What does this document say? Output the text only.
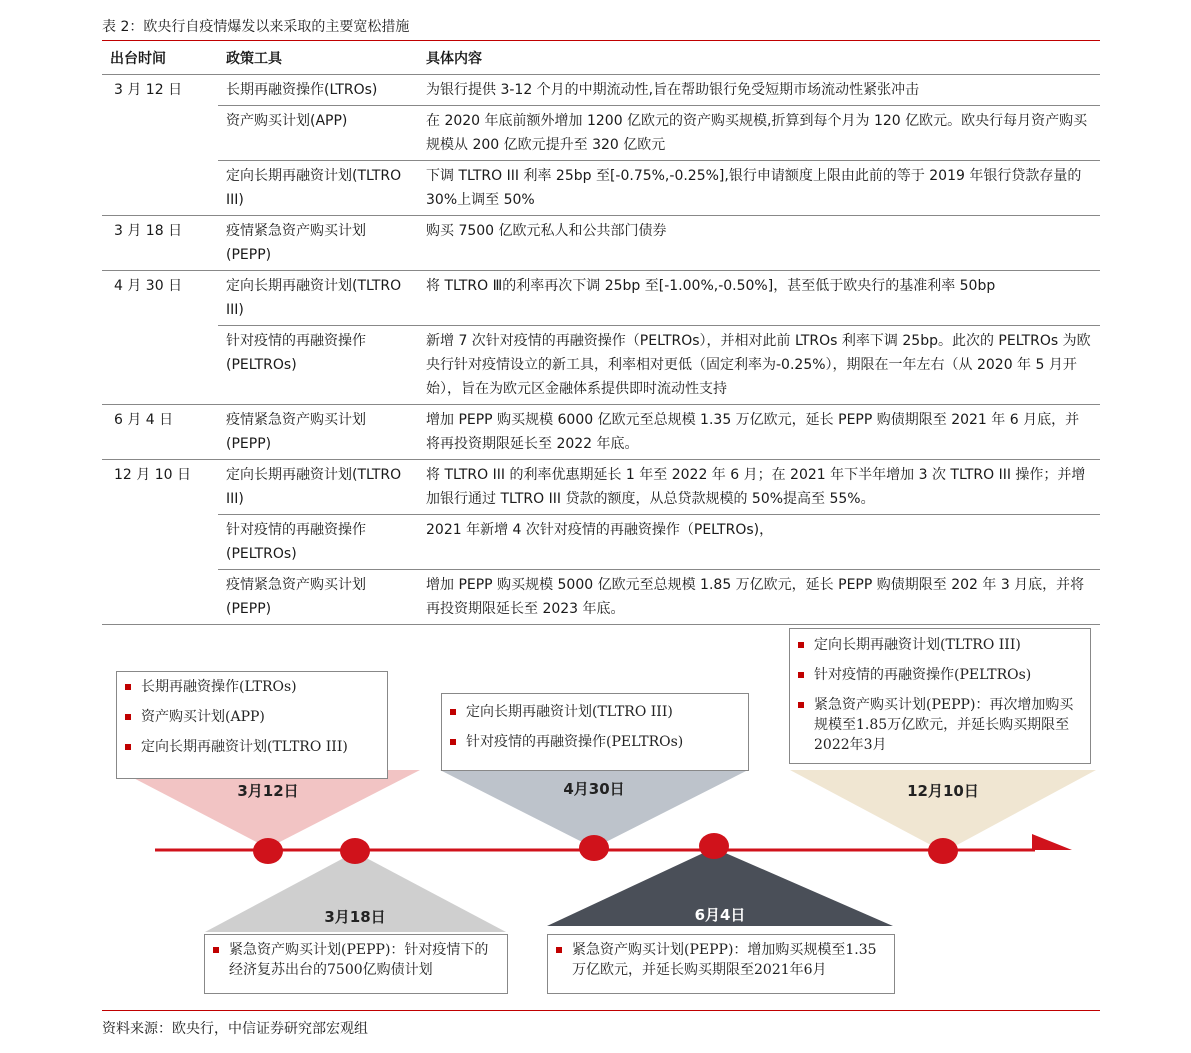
表 2：欧央行自疫情爆发以来采取的主要宽松措施
出台时间	政策工具	具体内容
3 月 12 日	长期再融资操作(LTROs)	为银行提供 3-12 个月的中期流动性,旨在帮助银行免受短期市场流动性紧张冲击
	资产购买计划(APP)	在 2020 年底前额外增加 1200 亿欧元的资产购买规模,折算到每个月为 120 亿欧元。欧央行每月资产购买规模从 200 亿欧元提升至 320 亿欧元
	定向长期再融资计划(TLTRO III)	下调 TLTRO III 利率 25bp 至[-0.75%,-0.25%],银行申请额度上限由此前的等于 2019 年银行贷款存量的 30%上调至 50%
3 月 18 日	疫情紧急资产购买计划(PEPP)	购买 7500 亿欧元私人和公共部门债券
4 月 30 日	定向长期再融资计划(TLTRO III)	将 TLTRO Ⅲ的利率再次下调 25bp 至[-1.00%,-0.50%]，甚至低于欧央行的基准利率 50bp
	针对疫情的再融资操作(PELTROs)	新增 7 次针对疫情的再融资操作（PELTROs），并相对此前 LTROs 利率下调 25bp。此次的 PELTROs 为欧央行针对疫情设立的新工具，利率相对更低（固定利率为-0.25%），期限在一年左右（从 2020 年 5 月开始），旨在为欧元区金融体系提供即时流动性支持
6 月 4 日	疫情紧急资产购买计划(PEPP)	增加 PEPP 购买规模 6000 亿欧元至总规模 1.35 万亿欧元，延长 PEPP 购债期限至 2021 年 6 月底，并将再投资期限延长至 2022 年底。
12 月 10 日	定向长期再融资计划(TLTRO III)	将 TLTRO III 的利率优惠期延长 1 年至 2022 年 6 月；在 2021 年下半年增加 3 次 TLTRO III 操作；并增加银行通过 TLTRO III 贷款的额度，从总贷款规模的 50%提高至 55%。
	针对疫情的再融资操作(PELTROs)	2021 年新增 4 次针对疫情的再融资操作（PELTROs)，
	疫情紧急资产购买计划(PEPP)	增加 PEPP 购买规模 5000 亿欧元至总规模 1.85 万亿欧元，延长 PEPP 购债期限至 202 年 3 月底，并将再投资期限延长至 2023 年底。
3月12日	4月30日	12月10日
3月18日	6月4日
长期再融资操作(LTROs)
资产购买计划(APP)
定向长期再融资计划(TLTRO III)
定向长期再融资计划(TLTRO III)
针对疫情的再融资操作(PELTROs)
定向长期再融资计划(TLTRO III)
针对疫情的再融资操作(PELTROs)
紧急资产购买计划(PEPP)：再次增加购买规模至1.85万亿欧元，并延长购买期限至2022年3月
紧急资产购买计划(PEPP)：针对疫情下的经济复苏出台的7500亿购债计划
紧急资产购买计划(PEPP)：增加购买规模至1.35万亿欧元，并延长购买期限至2021年6月
资料来源：欧央行，中信证券研究部宏观组
